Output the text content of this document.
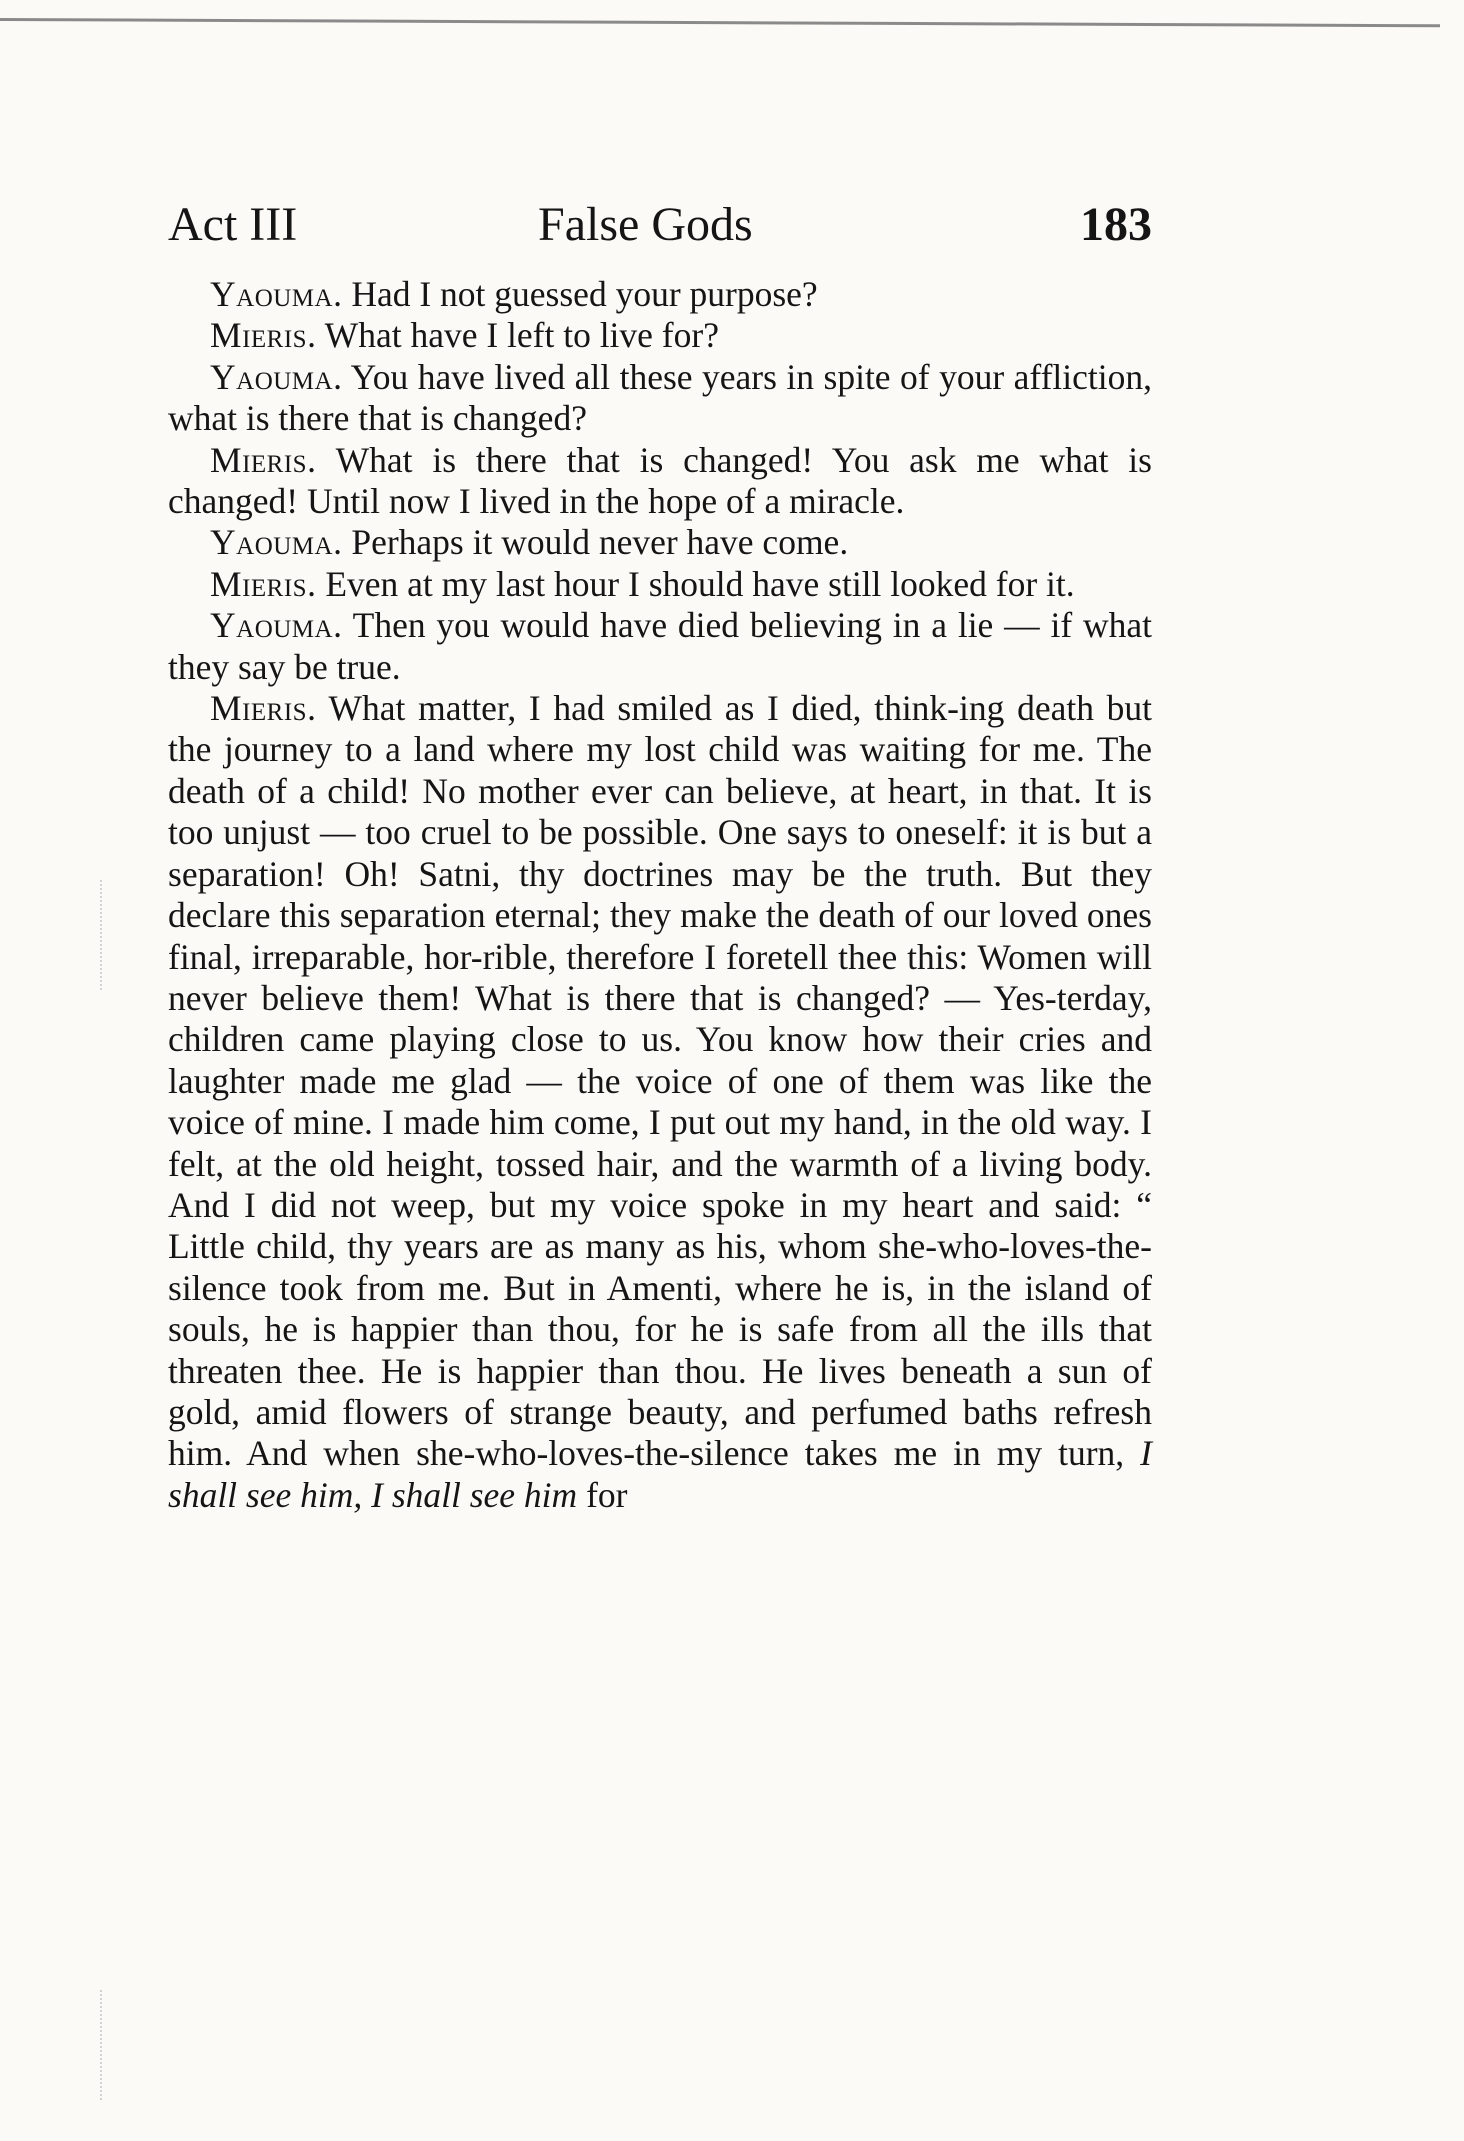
Act III	False Gods	183

Yaouma. Had I not guessed your purpose?

Mieris. What have I left to live for?

Yaouma. You have lived all these years in spite of your affliction, what is there that is changed?

Mieris. What is there that is changed! You ask me what is changed! Until now I lived in the hope of a miracle.

Yaouma. Perhaps it would never have come.

Mieris. Even at my last hour I should have still looked for it.

Yaouma. Then you would have died believing in a lie — if what they say be true.

Mieris. What matter, I had smiled as I died, think-ing death but the journey to a land where my lost child was waiting for me. The death of a child! No mother ever can believe, at heart, in that. It is too unjust — too cruel to be possible. One says to oneself: it is but a separation! Oh! Satni, thy doctrines may be the truth. But they declare this separation eternal; they make the death of our loved ones final, irreparable, hor-rible, therefore I foretell thee this: Women will never believe them! What is there that is changed? — Yes-terday, children came playing close to us. You know how their cries and laughter made me glad — the voice of one of them was like the voice of mine. I made him come, I put out my hand, in the old way. I felt, at the old height, tossed hair, and the warmth of a living body. And I did not weep, but my voice spoke in my heart and said: “ Little child, thy years are as many as his, whom she-who-loves-the-silence took from me. But in Amenti, where he is, in the island of souls, he is happier than thou, for he is safe from all the ills that threaten thee. He is happier than thou. He lives beneath a sun of gold, amid flowers of strange beauty, and perfumed baths refresh him. And when she-who-loves-the-silence takes me in my turn, I shall see him, I shall see him for
